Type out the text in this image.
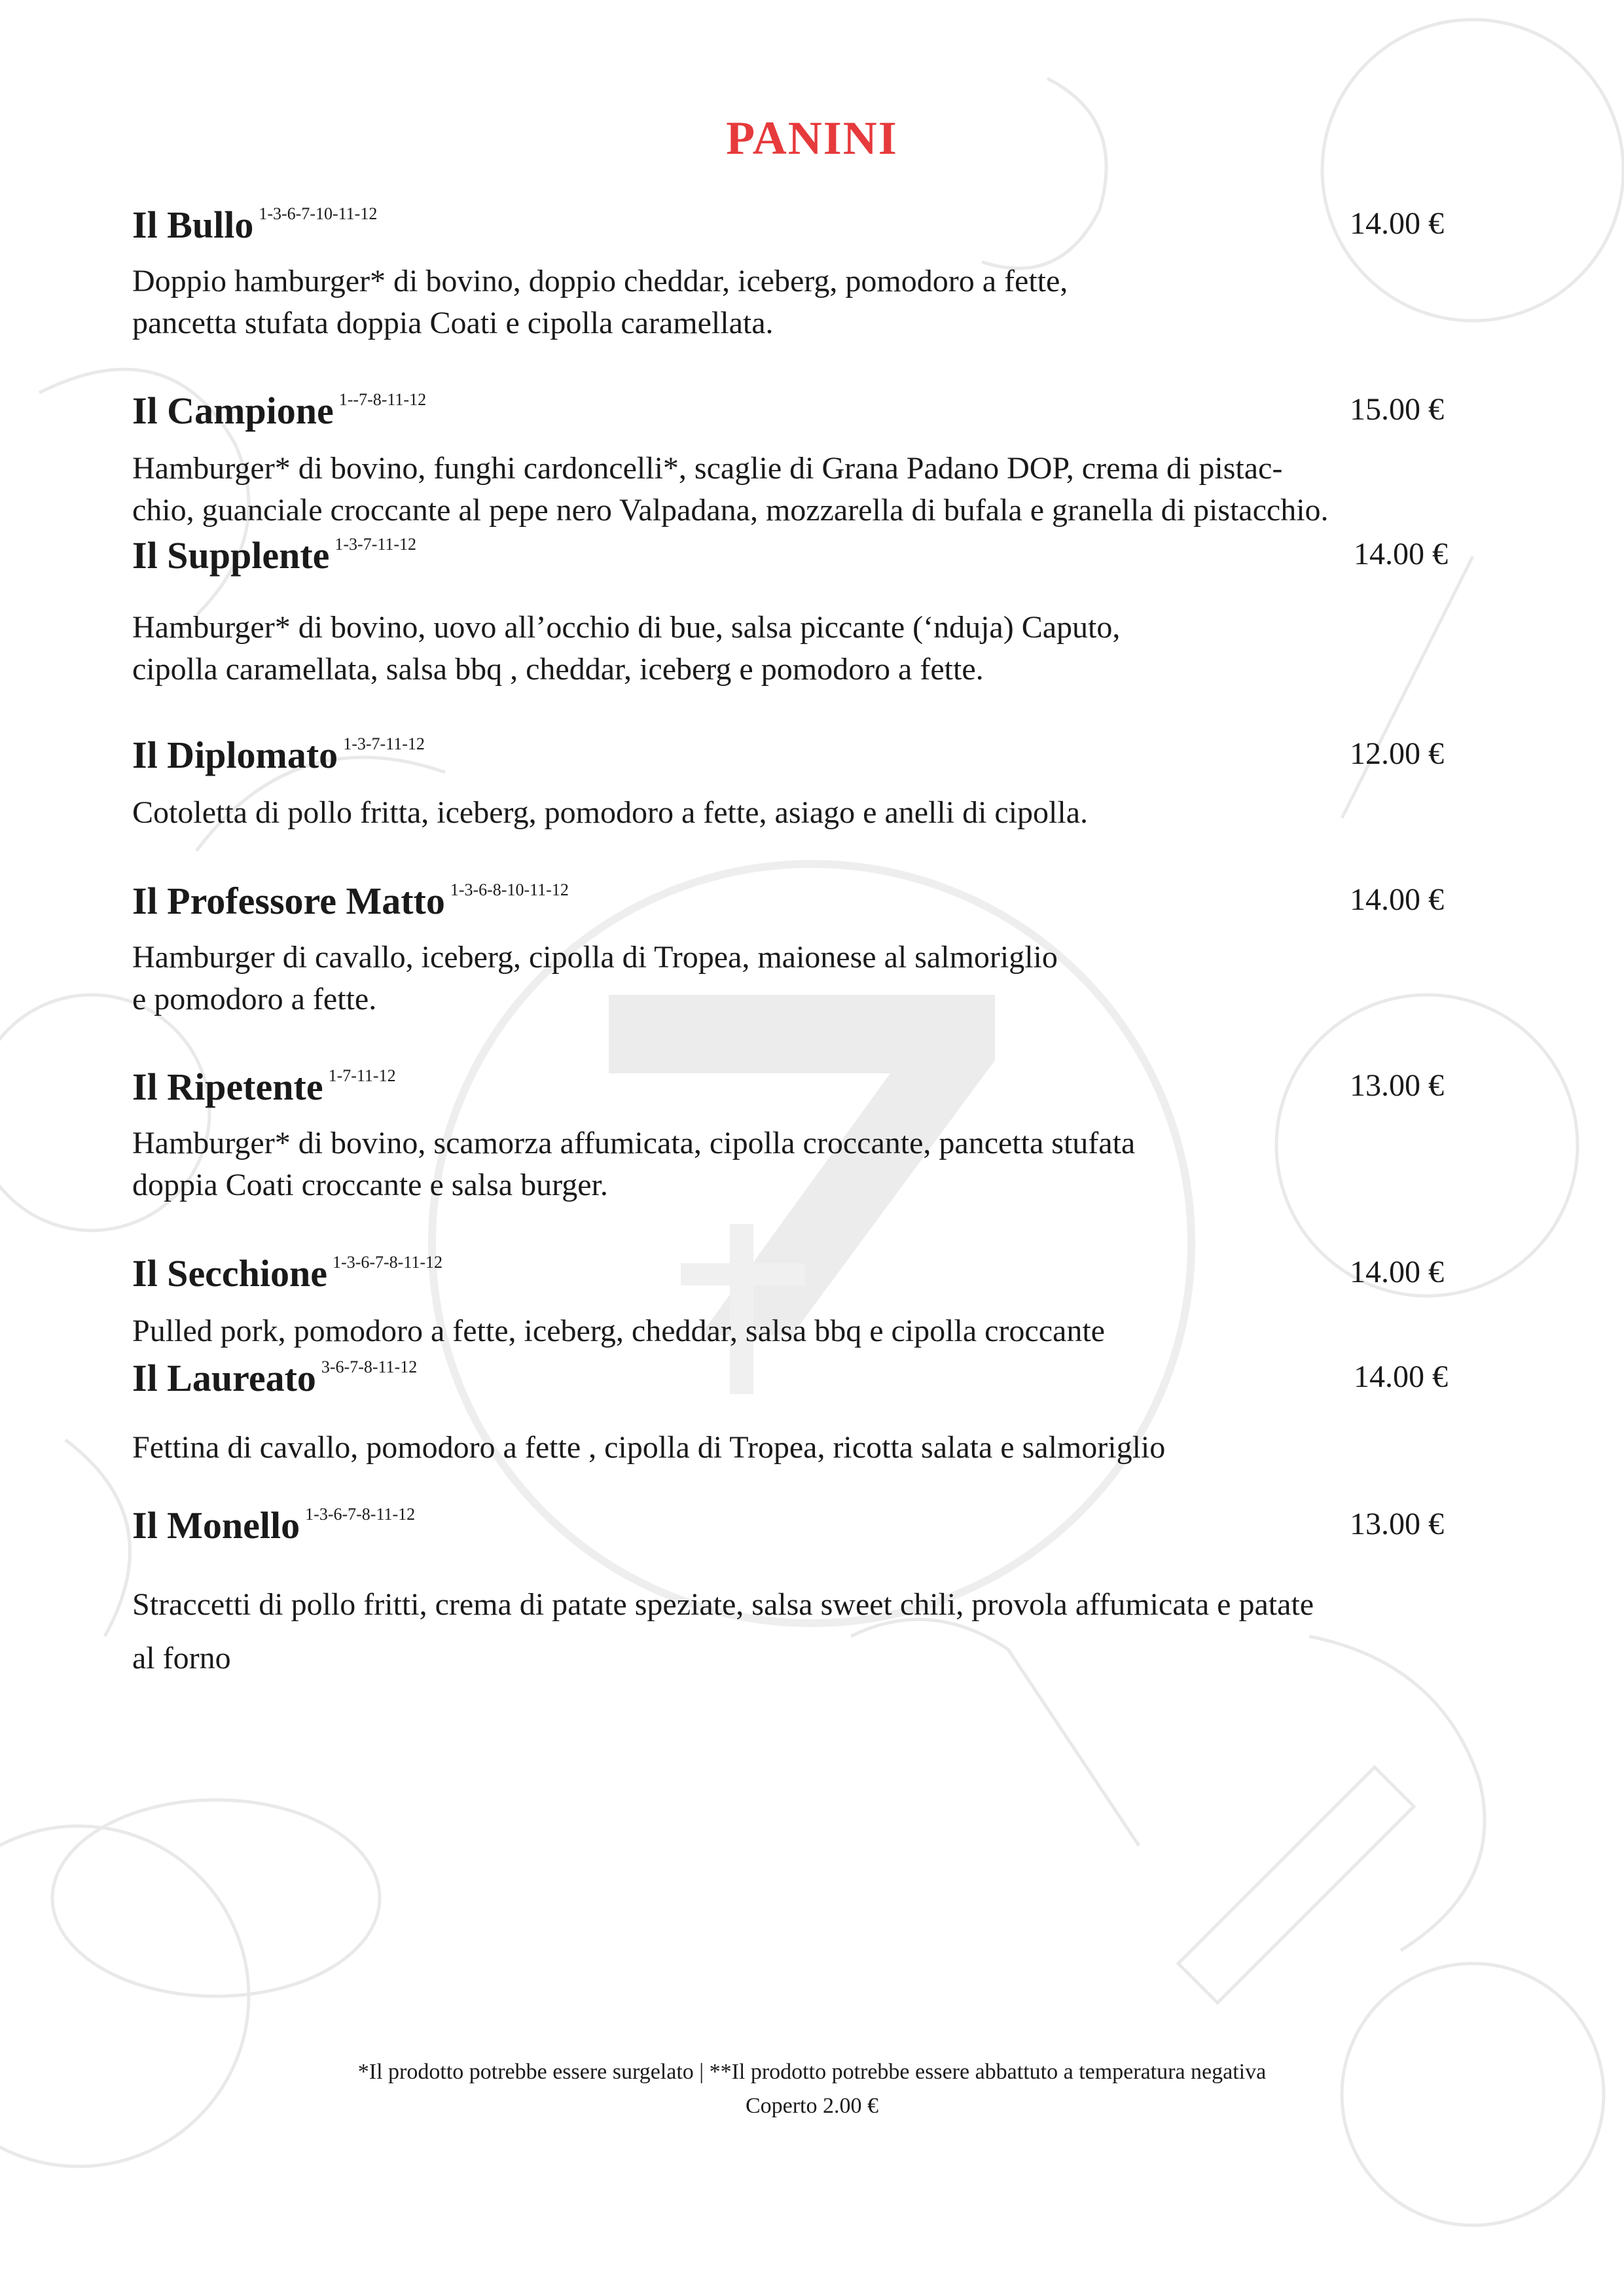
PANINI
Il Bullo $^{1-3-6-7-10-11-12}$	14.00 €
Doppio hamburger* di bovino, doppio cheddar, iceberg, pomodoro a fette,
pancetta stufata doppia Coati e cipolla caramellata.
Il Campione $^{1--7-8-11-12}$	15.00 €
Hamburger* di bovino, funghi cardoncelli*, scaglie di Grana Padano DOP, crema di pistac-
chio, guanciale croccante al pepe nero Valpadana, mozzarella di bufala e granella di pistacchio.
Il Supplente $^{1-3-7-11-12}$	14.00 €
Hamburger* di bovino, uovo all’occhio di bue, salsa piccante (‘nduja) Caputo,
cipolla caramellata, salsa bbq , cheddar, iceberg e pomodoro a fette.
Il Diplomato $^{1-3-7-11-12}$	12.00 €
Cotoletta di pollo fritta, iceberg, pomodoro a fette, asiago e anelli di cipolla.
Il Professore Matto $^{1-3-6-8-10-11-12}$	14.00 €
Hamburger di cavallo, iceberg, cipolla di Tropea, maionese al salmoriglio
e pomodoro a fette.
Il Ripetente $^{1-7-11-12}$	13.00 €
Hamburger* di bovino, scamorza affumicata, cipolla croccante, pancetta stufata
doppia Coati croccante e salsa burger.
Il Secchione $^{1-3-6-7-8-11-12}$	14.00 €
Pulled pork, pomodoro a fette, iceberg, cheddar, salsa bbq e cipolla croccante
Il Laureato $^{3-6-7-8-11-12}$	14.00 €
Fettina di cavallo, pomodoro a fette , cipolla di Tropea, ricotta salata e salmoriglio
Il Monello $^{1-3-6-7-8-11-12}$	13.00 €
Straccetti di pollo fritti, crema di patate speziate, salsa sweet chili, provola affumicata e patate
al forno
*Il prodotto potrebbe essere surgelato | **Il prodotto potrebbe essere abbattuto a temperatura negativa
Coperto 2.00 €
